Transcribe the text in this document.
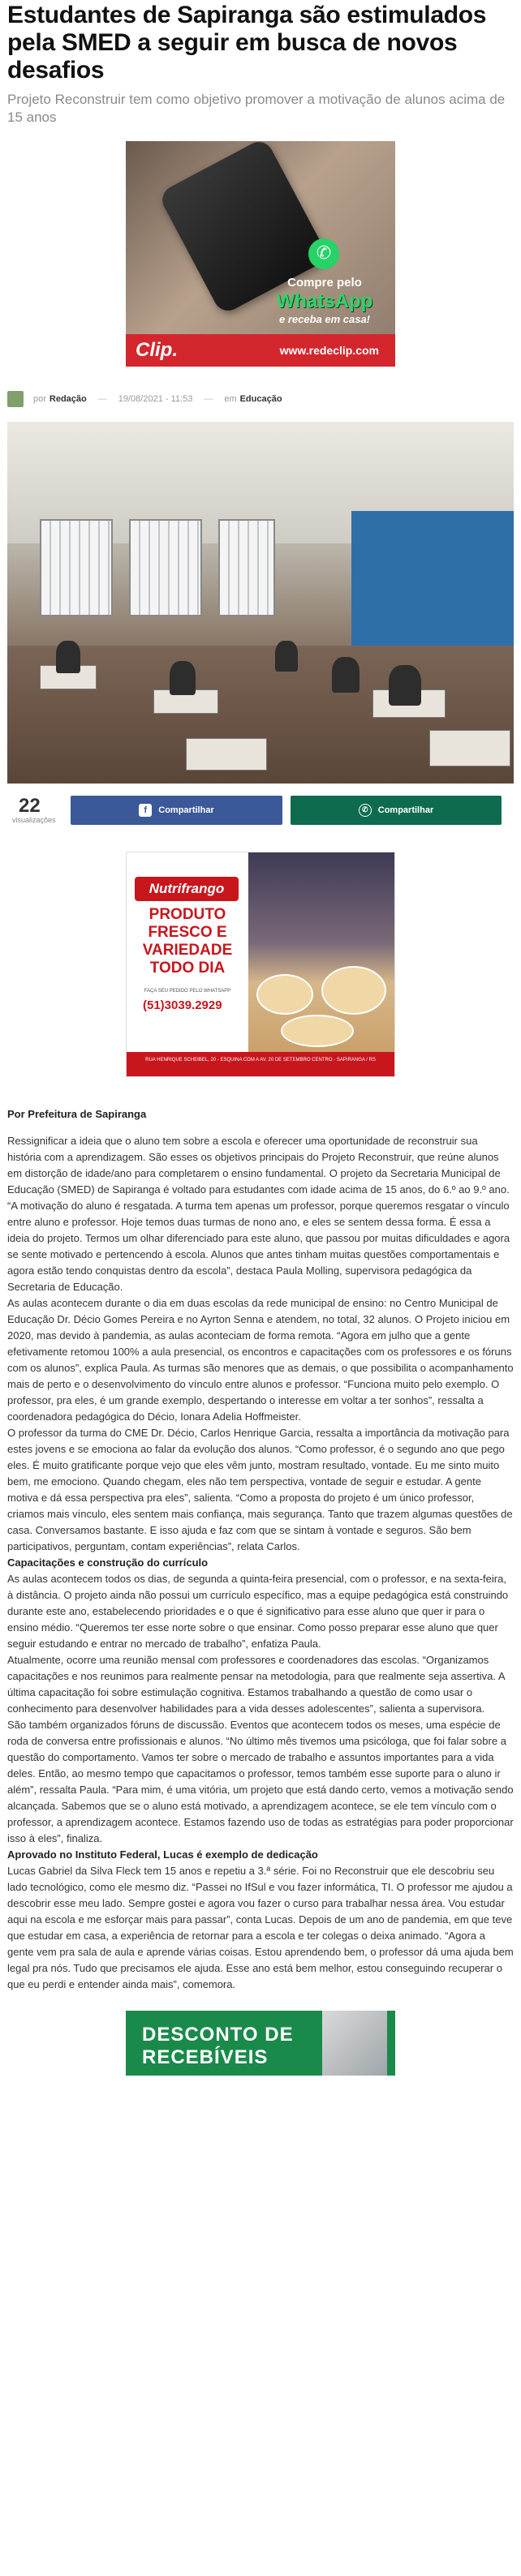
Estudantes de Sapiranga são estimulados pela SMED a seguir em busca de novos desafios
Projeto Reconstruir tem como objetivo promover a motivação de alunos acima de 15 anos
✆
Compre pelo
WhatsApp
e receba em casa!
Clip.	www.redeclip.com
por Redação — 19/08/2021 - 11:53 — em Educação
22
visualizações
f	Compartilhar	✆	Compartilhar
Nutrifrango
PRODUTO FRESCO E VARIEDADE TODO DIA
FAÇA SEU PEDIDO PELO WHATSAPP
(51)3039.2929
RUA HENRIQUE SCHEIBEL, 20 - ESQUINA COM A AV. 20 DE SETEMBRO CENTRO - SAPIRANGA / RS
Por Prefeitura de Sapiranga

Ressignificar a ideia que o aluno tem sobre a escola e oferecer uma oportunidade de reconstruir sua história com a aprendizagem. São esses os objetivos principais do Projeto Reconstruir, que reúne alunos em distorção de idade/ano para completarem o ensino fundamental. O projeto da Secretaria Municipal de Educação (SMED) de Sapiranga é voltado para estudantes com idade acima de 15 anos, do 6.º ao 9.º ano. “A motivação do aluno é resgatada. A turma tem apenas um professor, porque queremos resgatar o vínculo entre aluno e professor. Hoje temos duas turmas de nono ano, e eles se sentem dessa forma. É essa a ideia do projeto. Termos um olhar diferenciado para este aluno, que passou por muitas dificuldades e agora se sente motivado e pertencendo à escola. Alunos que antes tinham muitas questões comportamentais e agora estão tendo conquistas dentro da escola”, destaca Paula Molling, supervisora pedagógica da Secretaria de Educação.

As aulas acontecem durante o dia em duas escolas da rede municipal de ensino: no Centro Municipal de Educação Dr. Décio Gomes Pereira e no Ayrton Senna e atendem, no total, 32 alunos. O Projeto iniciou em 2020, mas devido à pandemia, as aulas aconteciam de forma remota. “Agora em julho que a gente efetivamente retomou 100% a aula presencial, os encontros e capacitações com os professores e os fóruns com os alunos”, explica Paula. As turmas são menores que as demais, o que possibilita o acompanhamento mais de perto e o desenvolvimento do vínculo entre alunos e professor. “Funciona muito pelo exemplo. O professor, pra eles, é um grande exemplo, despertando o interesse em voltar a ter sonhos”, ressalta a coordenadora pedagógica do Décio, Ionara Adelia Hoffmeister.

O professor da turma do CME Dr. Décio, Carlos Henrique Garcia, ressalta a importância da motivação para estes jovens e se emociona ao falar da evolução dos alunos. “Como professor, é o segundo ano que pego eles. É muito gratificante porque vejo que eles vêm junto, mostram resultado, vontade. Eu me sinto muito bem, me emociono. Quando chegam, eles não tem perspectiva, vontade de seguir e estudar. A gente motiva e dá essa perspectiva pra eles”, salienta. “Como a proposta do projeto é um único professor, criamos mais vínculo, eles sentem mais confiança, mais segurança. Tanto que trazem algumas questões de casa. Conversamos bastante. E isso ajuda e faz com que se sintam à vontade e seguros. São bem participativos, perguntam, contam experiências”, relata Carlos.

Capacitações e construção do currículo

As aulas acontecem todos os dias, de segunda a quinta-feira presencial, com o professor, e na sexta-feira, à distância. O projeto ainda não possui um currículo específico, mas a equipe pedagógica está construindo durante este ano, estabelecendo prioridades e o que é significativo para esse aluno que quer ir para o ensino médio. “Queremos ter esse norte sobre o que ensinar. Como posso preparar esse aluno que quer seguir estudando e entrar no mercado de trabalho”, enfatiza Paula.

Atualmente, ocorre uma reunião mensal com professores e coordenadores das escolas. “Organizamos capacitações e nos reunimos para realmente pensar na metodologia, para que realmente seja assertiva. A última capacitação foi sobre estimulação cognitiva. Estamos trabalhando a questão de como usar o conhecimento para desenvolver habilidades para a vida desses adolescentes”, salienta a supervisora.

São também organizados fóruns de discussão. Eventos que acontecem todos os meses, uma espécie de roda de conversa entre profissionais e alunos. “No último mês tivemos uma psicóloga, que foi falar sobre a questão do comportamento. Vamos ter sobre o mercado de trabalho e assuntos importantes para a vida deles. Então, ao mesmo tempo que capacitamos o professor, temos também esse suporte para o aluno ir além”, ressalta Paula. “Para mim, é uma vitória, um projeto que está dando certo, vemos a motivação sendo alcançada. Sabemos que se o aluno está motivado, a aprendizagem acontece, se ele tem vínculo com o professor, a aprendizagem acontece. Estamos fazendo uso de todas as estratégias para poder proporcionar isso à eles”, finaliza.

Aprovado no Instituto Federal, Lucas é exemplo de dedicação

Lucas Gabriel da Silva Fleck tem 15 anos e repetiu a 3.ª série. Foi no Reconstruir que ele descobriu seu lado tecnológico, como ele mesmo diz. “Passei no IfSul e vou fazer informática, TI. O professor me ajudou a descobrir esse meu lado. Sempre gostei e agora vou fazer o curso para trabalhar nessa área. Vou estudar aqui na escola e me esforçar mais para passar”, conta Lucas. Depois de um ano de pandemia, em que teve que estudar em casa, a experiência de retornar para a escola e ter colegas o deixa animado. “Agora a gente vem pra sala de aula e aprende várias coisas. Estou aprendendo bem, o professor dá uma ajuda bem legal pra nós. Tudo que precisamos ele ajuda. Esse ano está bem melhor, estou conseguindo recuperar o que eu perdi e entender ainda mais”, comemora.

DESCONTO DE
RECEBÍVEIS
